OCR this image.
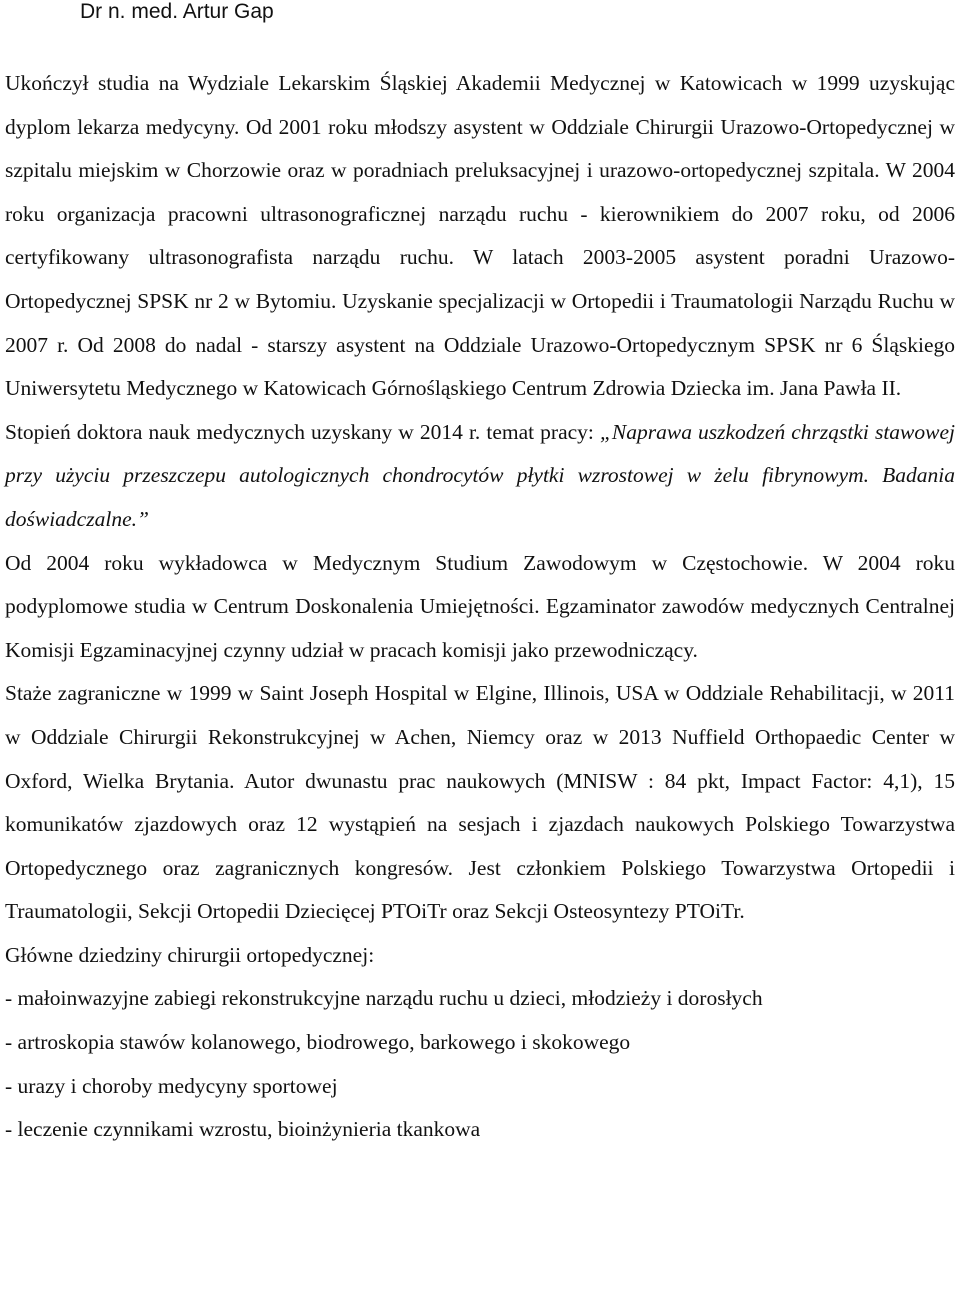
Dr n. med. Artur Gap

Ukończył studia na Wydziale Lekarskim Śląskiej Akademii Medycznej w Katowicach w 1999 uzyskując dyplom lekarza medycyny. Od 2001 roku młodszy asystent w Oddziale Chirurgii Urazowo-Ortopedycznej w szpitalu miejskim w Chorzowie oraz w poradniach preluksacyjnej i urazowo-ortopedycznej szpitala. W 2004 roku organizacja pracowni ultrasonograficznej narządu ruchu - kierownikiem do 2007 roku, od 2006 certyfikowany ultrasonografista narządu ruchu. W latach 2003-2005 asystent poradni Urazowo-Ortopedycznej SPSK nr 2 w Bytomiu. Uzyskanie specjalizacji w Ortopedii i Traumatologii Narządu Ruchu w 2007 r. Od 2008 do nadal - starszy asystent na Oddziale Urazowo-Ortopedycznym SPSK nr 6 Śląskiego Uniwersytetu Medycznego w Katowicach Górnośląskiego Centrum Zdrowia Dziecka im. Jana Pawła II.

Stopień doktora nauk medycznych uzyskany w 2014 r. temat pracy: „Naprawa uszkodzeń chrząstki stawowej przy użyciu przeszczepu autologicznych chondrocytów płytki wzrostowej w żelu fibrynowym. Badania doświadczalne.”

Od 2004 roku wykładowca w Medycznym Studium Zawodowym w Częstochowie. W 2004 roku podyplomowe studia w Centrum Doskonalenia Umiejętności. Egzaminator zawodów medycznych Centralnej Komisji Egzaminacyjnej czynny udział w pracach komisji jako przewodniczący.

Staże zagraniczne w 1999 w Saint Joseph Hospital w Elgine, Illinois, USA w Oddziale Rehabilitacji, w 2011 w Oddziale Chirurgii Rekonstrukcyjnej w Achen, Niemcy oraz w 2013 Nuffield Orthopaedic Center w Oxford, Wielka Brytania. Autor dwunastu prac naukowych (MNISW : 84 pkt, Impact Factor: 4,1), 15 komunikatów zjazdowych oraz 12 wystąpień na sesjach i zjazdach naukowych Polskiego Towarzystwa Ortopedycznego oraz zagranicznych kongresów. Jest członkiem Polskiego Towarzystwa Ortopedii i Traumatologii, Sekcji Ortopedii Dziecięcej PTOiTr oraz Sekcji Osteosyntezy PTOiTr.

Główne dziedziny chirurgii ortopedycznej:

- małoinwazyjne zabiegi rekonstrukcyjne narządu ruchu u dzieci, młodzieży i dorosłych

- artroskopia stawów kolanowego, biodrowego, barkowego i skokowego

- urazy i choroby medycyny sportowej

- leczenie czynnikami wzrostu, bioinżynieria tkankowa
